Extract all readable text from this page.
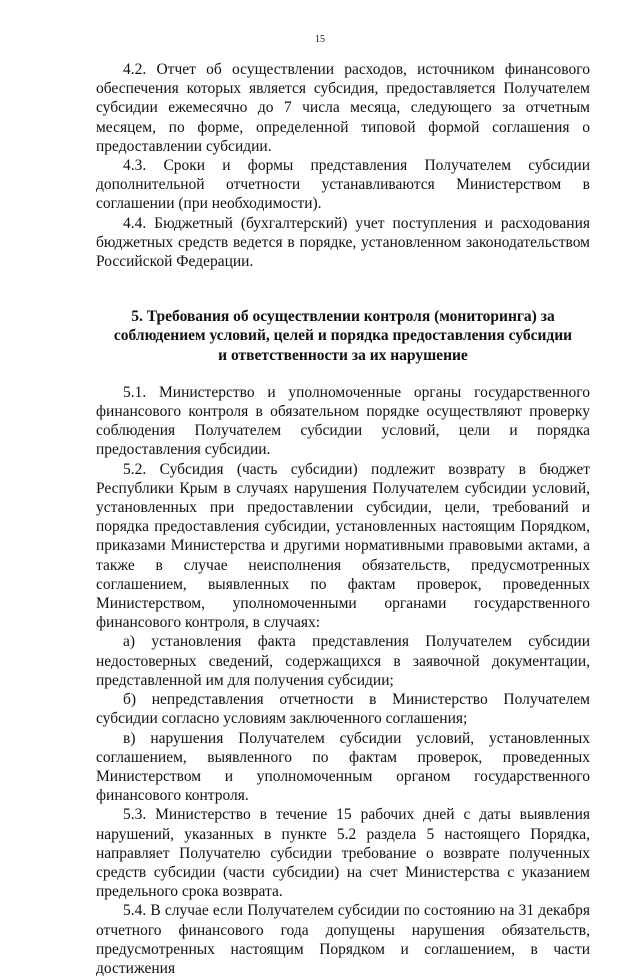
15

4.2. Отчет об осуществлении расходов, источником финансового обеспечения которых является субсидия, предоставляется Получателем субсидии ежемесячно до 7 числа месяца, следующего за отчетным месяцем, по форме, определенной типовой формой соглашения о предоставлении субсидии.

4.3. Сроки и формы представления Получателем субсидии дополнительной отчетности устанавливаются Министерством в соглашении (при необходимости).

4.4. Бюджетный (бухгалтерский) учет поступления и расходования бюджетных средств ведется в порядке, установленном законодательством Российской Федерации.

5. Требования об осуществлении контроля (мониторинга) за соблюдением условий, целей и порядка предоставления субсидии и ответственности за их нарушение

5.1. Министерство и уполномоченные органы государственного финансового контроля в обязательном порядке осуществляют проверку соблюдения Получателем субсидии условий, цели и порядка предоставления субсидии.

5.2. Субсидия (часть субсидии) подлежит возврату в бюджет Республики Крым в случаях нарушения Получателем субсидии условий, установленных при предоставлении субсидии, цели, требований и порядка предоставления субсидии, установленных настоящим Порядком, приказами Министерства и другими нормативными правовыми актами, а также в случае неисполнения обязательств, предусмотренных соглашением, выявленных по фактам проверок, проведенных Министерством, уполномоченными органами государственного финансового контроля, в случаях:

а) установления факта представления Получателем субсидии недостоверных сведений, содержащихся в заявочной документации, представленной им для получения субсидии;

б) непредставления отчетности в Министерство Получателем субсидии согласно условиям заключенного соглашения;

в) нарушения Получателем субсидии условий, установленных соглашением, выявленного по фактам проверок, проведенных Министерством и уполномоченным органом государственного финансового контроля.

5.3. Министерство в течение 15 рабочих дней с даты выявления нарушений, указанных в пункте 5.2 раздела 5 настоящего Порядка, направляет Получателю субсидии требование о возврате полученных средств субсидии (части субсидии) на счет Министерства с указанием предельного срока возврата.

5.4. В случае если Получателем субсидии по состоянию на 31 декабря отчетного финансового года допущены нарушения обязательств, предусмотренных настоящим Порядком и соглашением, в части достижения
